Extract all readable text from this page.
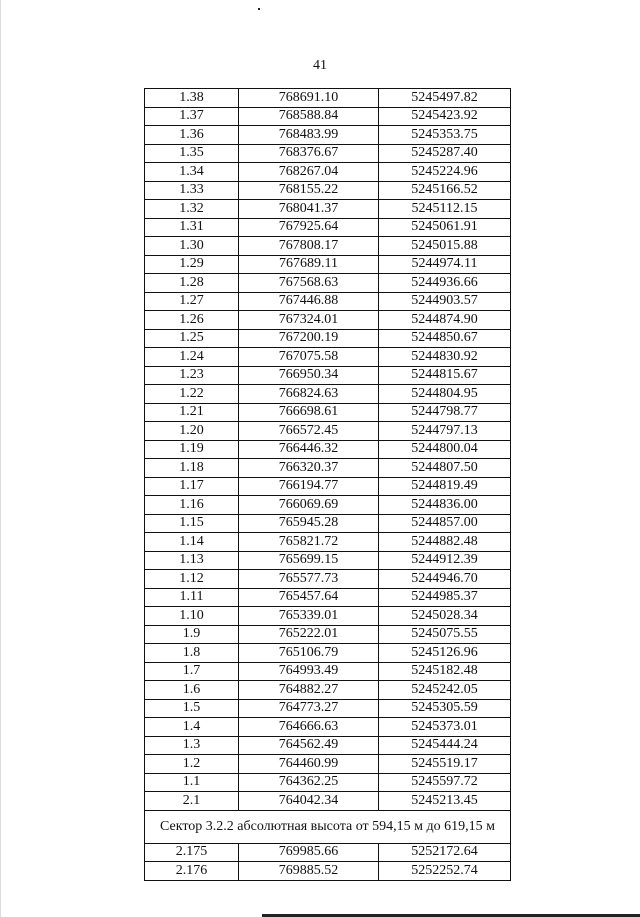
41
1.38	768691.10	5245497.82
1.37	768588.84	5245423.92
1.36	768483.99	5245353.75
1.35	768376.67	5245287.40
1.34	768267.04	5245224.96
1.33	768155.22	5245166.52
1.32	768041.37	5245112.15
1.31	767925.64	5245061.91
1.30	767808.17	5245015.88
1.29	767689.11	5244974.11
1.28	767568.63	5244936.66
1.27	767446.88	5244903.57
1.26	767324.01	5244874.90
1.25	767200.19	5244850.67
1.24	767075.58	5244830.92
1.23	766950.34	5244815.67
1.22	766824.63	5244804.95
1.21	766698.61	5244798.77
1.20	766572.45	5244797.13
1.19	766446.32	5244800.04
1.18	766320.37	5244807.50
1.17	766194.77	5244819.49
1.16	766069.69	5244836.00
1.15	765945.28	5244857.00
1.14	765821.72	5244882.48
1.13	765699.15	5244912.39
1.12	765577.73	5244946.70
1.11	765457.64	5244985.37
1.10	765339.01	5245028.34
1.9	765222.01	5245075.55
1.8	765106.79	5245126.96
1.7	764993.49	5245182.48
1.6	764882.27	5245242.05
1.5	764773.27	5245305.59
1.4	764666.63	5245373.01
1.3	764562.49	5245444.24
1.2	764460.99	5245519.17
1.1	764362.25	5245597.72
2.1	764042.34	5245213.45
Сектор 3.2.2 абсолютная высота от 594,15 м до 619,15 м		
2.175	769985.66	5252172.64
2.176	769885.52	5252252.74
